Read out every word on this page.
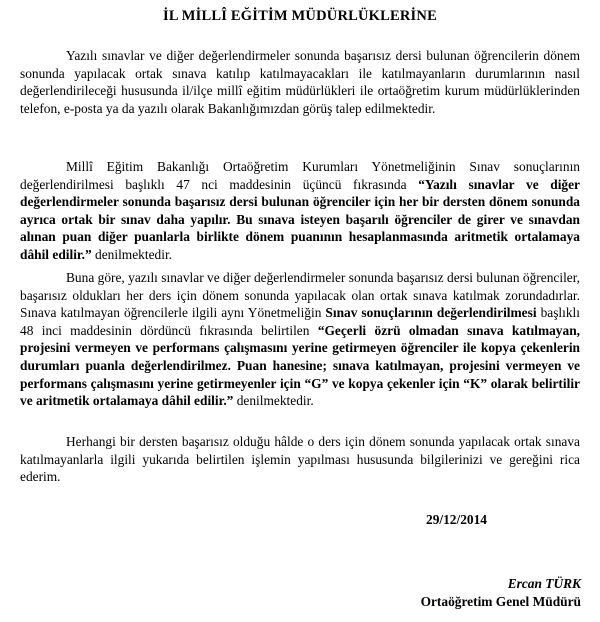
İL MİLLÎ EĞİTİM MÜDÜRLÜKLERİNE

Yazılı sınavlar ve diğer değerlendirmeler sonunda başarısız dersi bulunan öğrencilerin dönem sonunda yapılacak ortak sınava katılıp katılmayacakları ile katılmayanların durumlarının nasıl değerlendirileceği hususunda il/ilçe millî eğitim müdürlükleri ile ortaöğretim kurum müdürlüklerinden telefon, e-posta ya da yazılı olarak Bakanlığımızdan görüş talep edilmektedir.

Millî Eğitim Bakanlığı Ortaöğretim Kurumları Yönetmeliğinin Sınav sonuçlarının değerlendirilmesi başlıklı 47 nci maddesinin üçüncü fıkrasında “Yazılı sınavlar ve diğer değerlendirmeler sonunda başarısız dersi bulunan öğrenciler için her bir dersten dönem sonunda ayrıca ortak bir sınav daha yapılır. Bu sınava isteyen başarılı öğrenciler de girer ve sınavdan alınan puan diğer puanlarla birlikte dönem puanının hesaplanmasında aritmetik ortalamaya dâhil edilir.” denilmektedir.

Buna göre, yazılı sınavlar ve diğer değerlendirmeler sonunda başarısız dersi bulunan öğrenciler, başarısız oldukları her ders için dönem sonunda yapılacak olan ortak sınava katılmak zorundadırlar. Sınava katılmayan öğrencilerle ilgili aynı Yönetmeliğin Sınav sonuçlarının değerlendirilmesi başlıklı 48 inci maddesinin dördüncü fıkrasında belirtilen “Geçerli özrü olmadan sınava katılmayan, projesini vermeyen ve performans çalışmasını yerine getirmeyen öğrenciler ile kopya çekenlerin durumları puanla değerlendirilmez. Puan hanesine; sınava katılmayan, projesini vermeyen ve performans çalışmasını yerine getirmeyenler için “G” ve kopya çekenler için “K” olarak belirtilir ve aritmetik ortalamaya dâhil edilir.” denilmektedir.

Herhangi bir dersten başarısız olduğu hâlde o ders için dönem sonunda yapılacak ortak sınava katılmayanlarla ilgili yukarıda belirtilen işlemin yapılması hususunda bilgilerinizi ve gereğini rica ederim.

29/12/2014
Ercan TÜRK
Ortaöğretim Genel Müdürü
